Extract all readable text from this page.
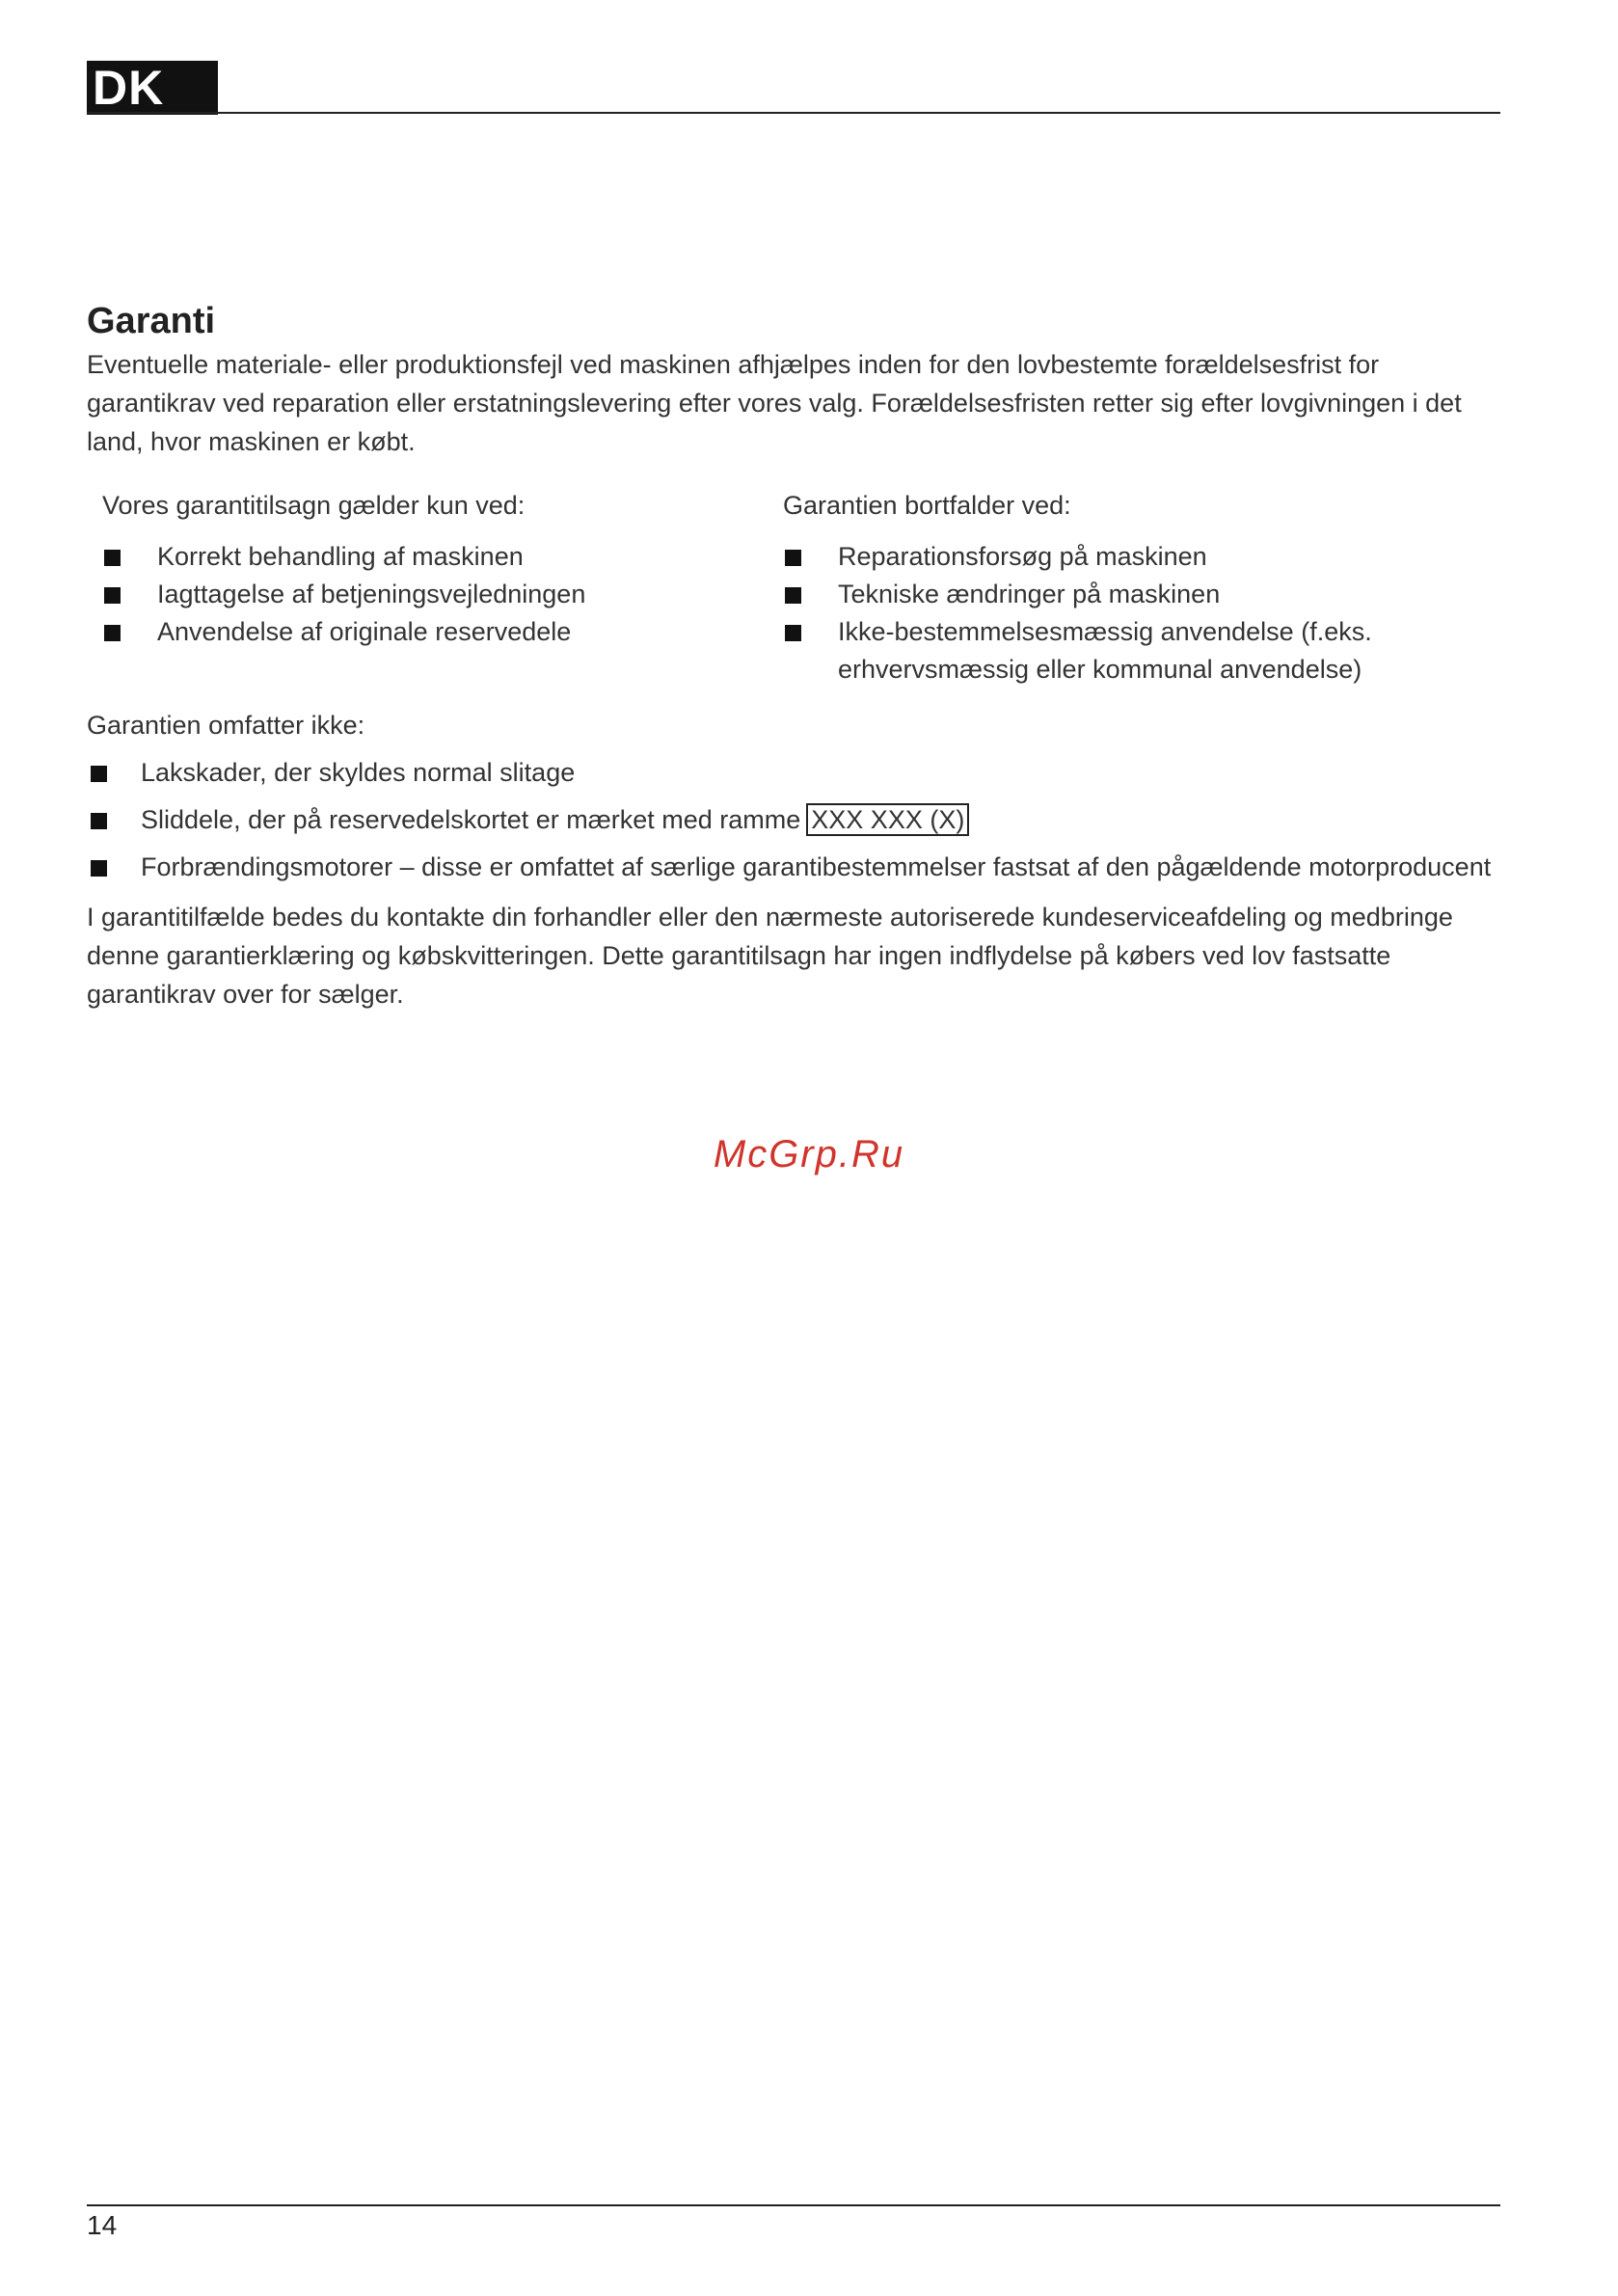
DK
Garanti

Eventuelle materiale- eller produktionsfejl ved maskinen afhjælpes inden for den lovbestemte forældelsesfrist for garantikrav ved reparation eller erstatningslevering efter vores valg. Forældelsesfristen retter sig efter lovgivningen i det land, hvor maskinen er købt.

Vores garantitilsagn gælder kun ved:
Korrekt behandling af maskinen
Iagttagelse af betjeningsvejledningen
Anvendelse af originale reservedele
Garantien bortfalder ved:
Reparationsforsøg på maskinen
Tekniske ændringer på maskinen
Ikke-bestemmelsesmæssig anvendelse (f.eks. erhvervsmæssig eller kommunal anvendelse)
Garantien omfatter ikke:
Lakskader, der skyldes normal slitage
Sliddele, der på reservedelskortet er mærket med ramme XXX XXX (X)
Forbrændingsmotorer – disse er omfattet af særlige garantibestemmelser fastsat af den pågældende motorproducent

I garantitilfælde bedes du kontakte din forhandler eller den nærmeste autoriserede kundeserviceafdeling og medbringe denne garantierklæring og købskvitteringen. Dette garantitilsagn har ingen indflydelse på købers ved lov fastsatte garantikrav over for sælger.

McGrp.Ru
14
